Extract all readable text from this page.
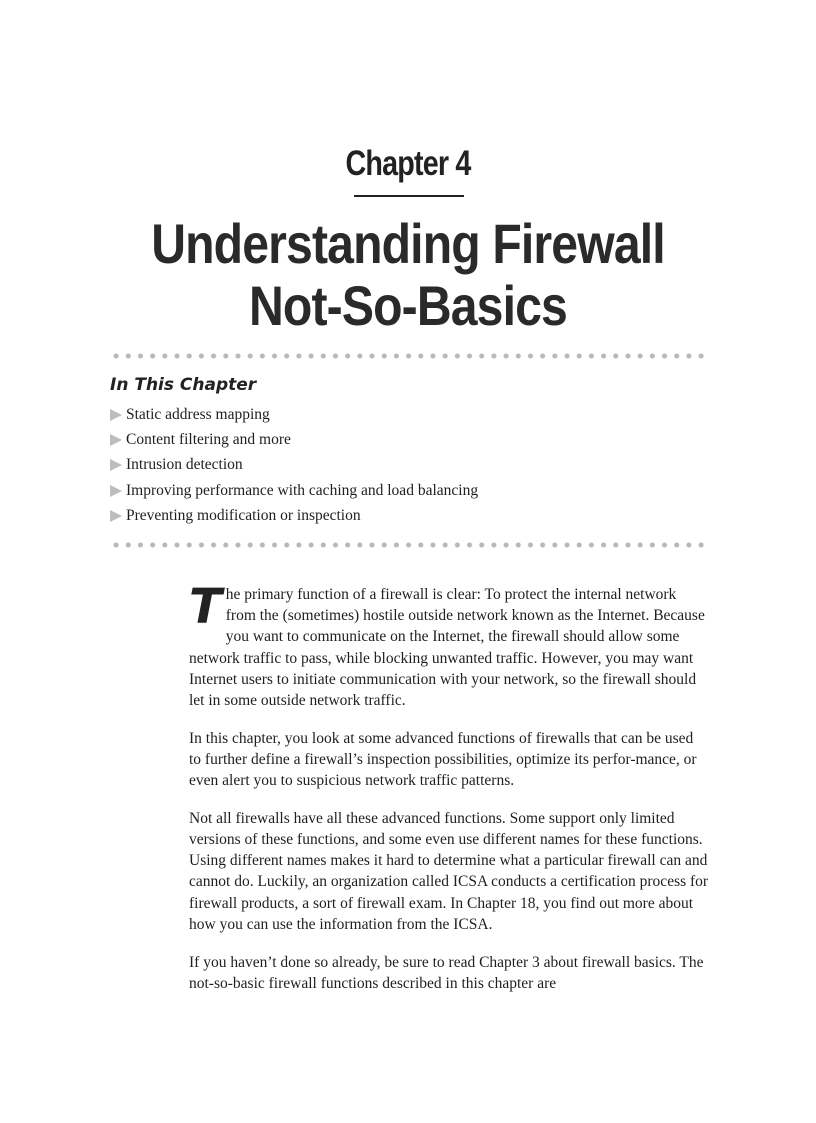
Chapter 4
Understanding Firewall
Not-So-Basics
In This Chapter
Static address mapping
Content filtering and more
Intrusion detection
Improving performance with caching and load balancing
Preventing modification or inspection

The primary function of a firewall is clear: To protect the internal network from the (sometimes) hostile outside network known as the Internet. Because you want to communicate on the Internet, the firewall should allow some network traffic to pass, while blocking unwanted traffic. However, you may want Internet users to initiate communication with your network, so the firewall should let in some outside network traffic.

In this chapter, you look at some advanced functions of firewalls that can be used to further define a firewall’s inspection possibilities, optimize its perfor-mance, or even alert you to suspicious network traffic patterns.

Not all firewalls have all these advanced functions. Some support only limited versions of these functions, and some even use different names for these functions. Using different names makes it hard to determine what a particular firewall can and cannot do. Luckily, an organization called ICSA conducts a certification process for firewall products, a sort of firewall exam. In Chapter 18, you find out more about how you can use the information from the ICSA.

If you haven’t done so already, be sure to read Chapter 3 about firewall basics. The not-so-basic firewall functions described in this chapter are
